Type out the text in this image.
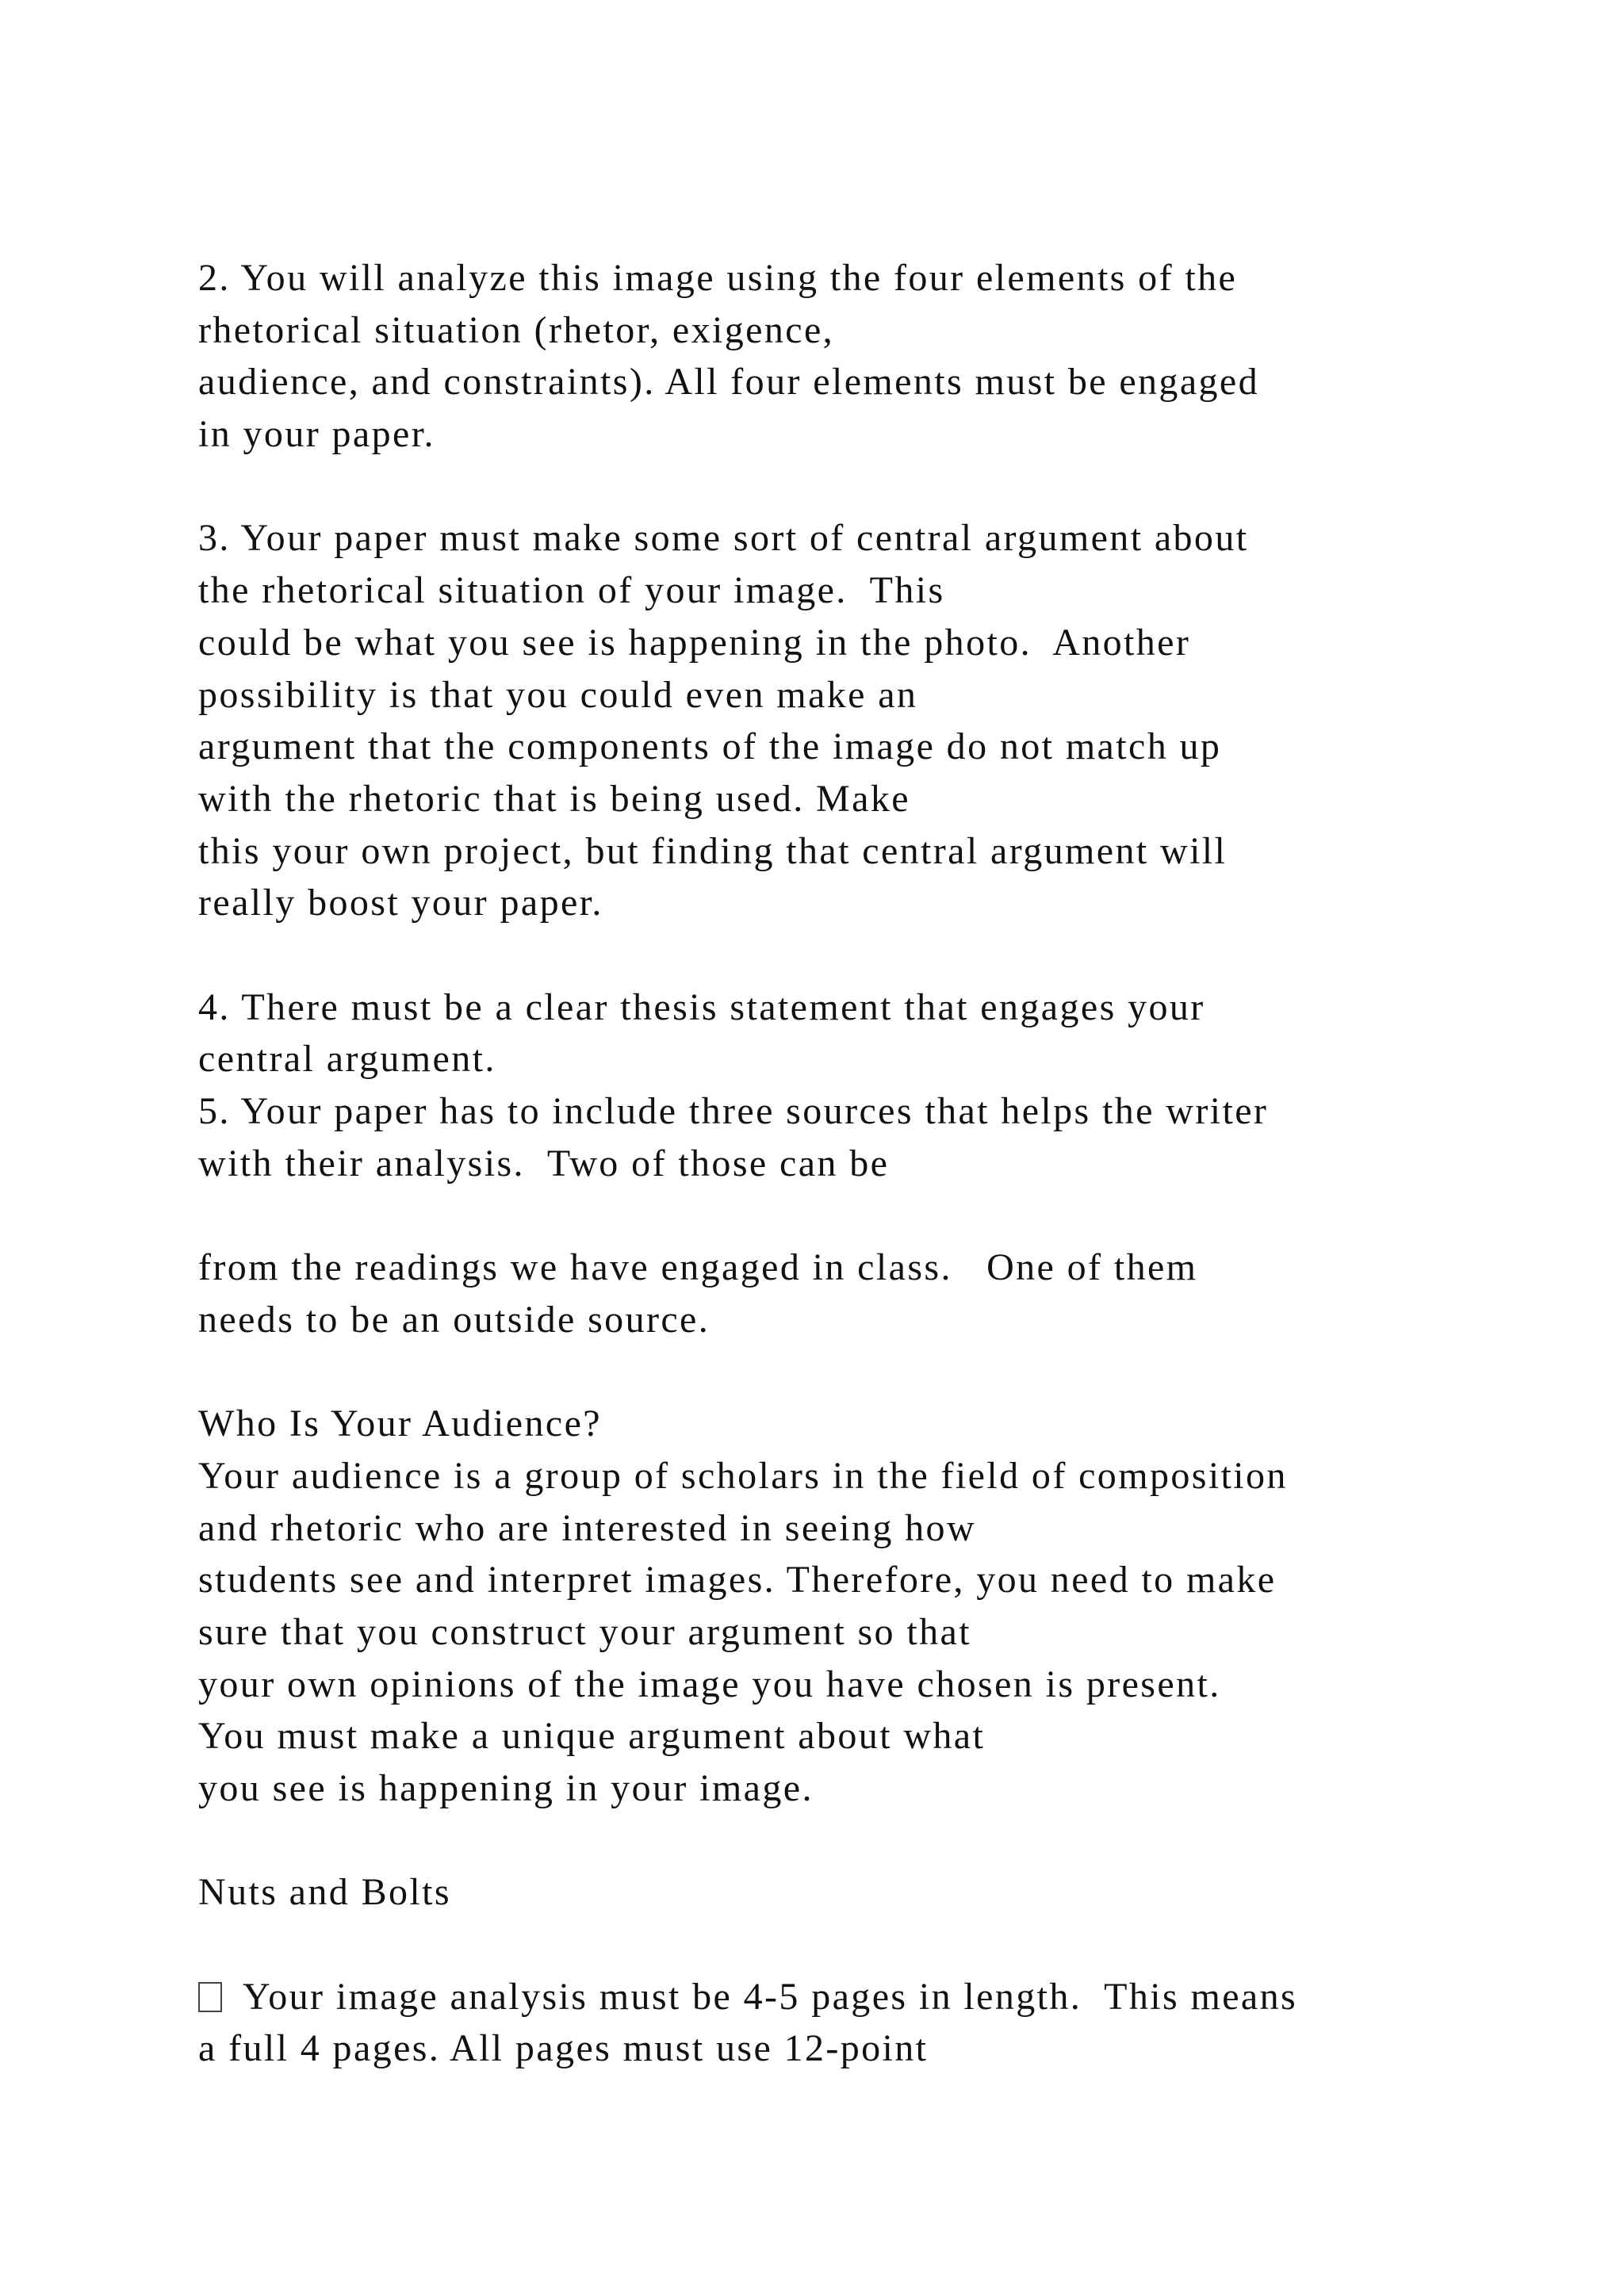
2. You will analyze this image using the four elements of the
rhetorical situation (rhetor, exigence,
audience, and constraints). All four elements must be engaged
in your paper.
3. Your paper must make some sort of central argument about
the rhetorical situation of your image.  This
could be what you see is happening in the photo.  Another
possibility is that you could even make an
argument that the components of the image do not match up
with the rhetoric that is being used. Make
this your own project, but finding that central argument will
really boost your paper.
4. There must be a clear thesis statement that engages your
central argument.
5. Your paper has to include three sources that helps the writer
with their analysis.  Two of those can be
from the readings we have engaged in class.   One of them
needs to be an outside source.
Who Is Your Audience?
Your audience is a group of scholars in the field of composition
and rhetoric who are interested in seeing how
students see and interpret images. Therefore, you need to make
sure that you construct your argument so that
your own opinions of the image you have chosen is present.
You must make a unique argument about what
you see is happening in your image.
Nuts and Bolts
Your image analysis must be 4-5 pages in length.  This means
a full 4 pages. All pages must use 12-point
